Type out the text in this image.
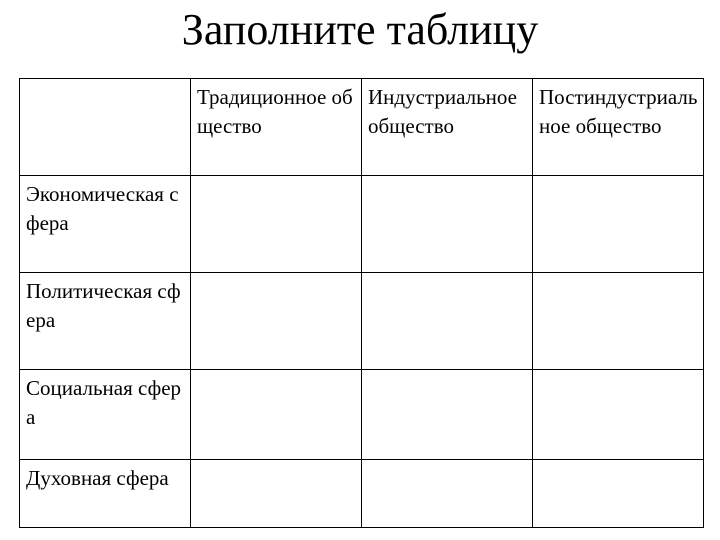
Заполните таблицу
	Традиционное общество	Индустриальное общество	Постиндустриальное общество
Экономическая сфера			
Политическая сфера			
Социальная сфера			
Духовная сфера			
